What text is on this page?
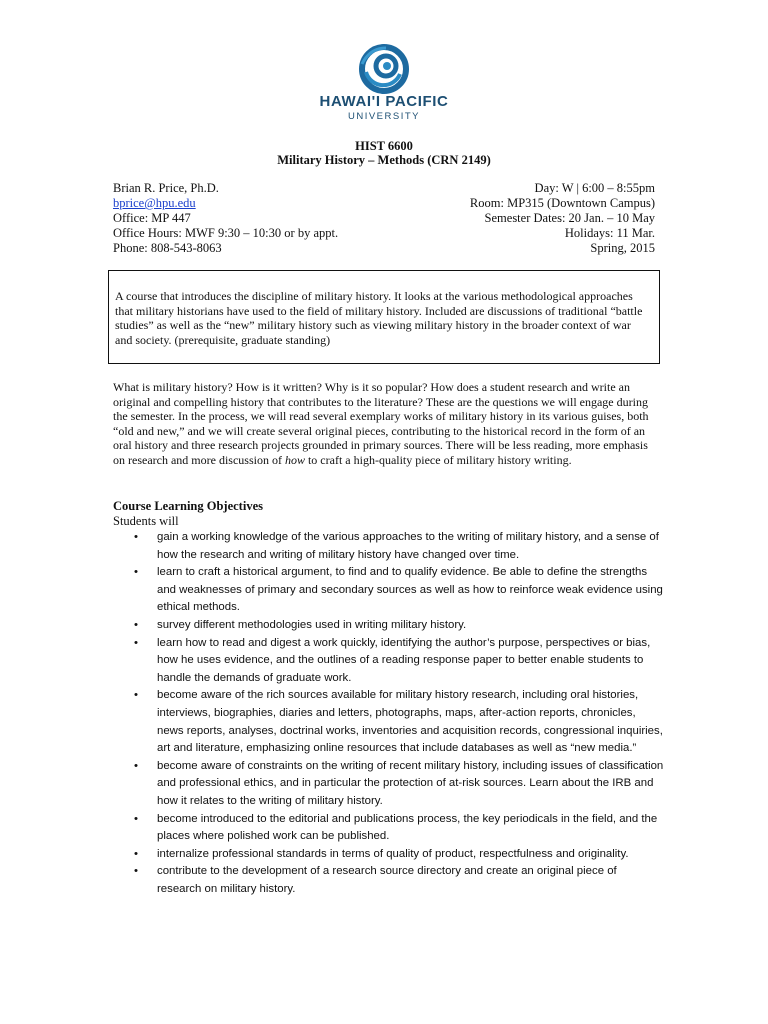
HAWAI'I PACIFIC
UNIVERSITY
HIST 6600
Military History – Methods (CRN 2149)
Brian R. Price, Ph.D.
bprice@hpu.edu
Office: MP 447
Office Hours: MWF 9:30 – 10:30 or by appt.
Phone: 808-543-8063
Day: W | 6:00 – 8:55pm
Room: MP315 (Downtown Campus)
Semester Dates: 20 Jan. – 10 May
Holidays: 11 Mar.
Spring, 2015
A course that introduces the discipline of military history. It looks at the various methodological approaches that military historians have used to the field of military history. Included are discussions of traditional “battle studies” as well as the “new” military history such as viewing military history in the broader context of war and society. (prerequisite, graduate standing)
What is military history? How is it written? Why is it so popular? How does a student research and write an original and compelling history that contributes to the literature? These are the questions we will engage during the semester. In the process, we will read several exemplary works of military history in its various guises, both “old and new,” and we will create several original pieces, contributing to the historical record in the form of an oral history and three research projects grounded in primary sources. There will be less reading, more emphasis on research and more discussion of how to craft a high-quality piece of military history writing.
Course Learning Objectives
Students will
• gain a working knowledge of the various approaches to the writing of military history, and a sense of how the research and writing of military history have changed over time.
• learn to craft a historical argument, to find and to qualify evidence. Be able to define the strengths and weaknesses of primary and secondary sources as well as how to reinforce weak evidence using ethical methods.
• survey different methodologies used in writing military history.
• learn how to read and digest a work quickly, identifying the author’s purpose, perspectives or bias, how he uses evidence, and the outlines of a reading response paper to better enable students to handle the demands of graduate work.
• become aware of the rich sources available for military history research, including oral histories, interviews, biographies, diaries and letters, photographs, maps, after-action reports, chronicles, news reports, analyses, doctrinal works, inventories and acquisition records, congressional inquiries, art and literature, emphasizing online resources that include databases as well as “new media.”
• become aware of constraints on the writing of recent military history, including issues of classification and professional ethics, and in particular the protection of at-risk sources. Learn about the IRB and how it relates to the writing of military history.
• become introduced to the editorial and publications process, the key periodicals in the field, and the places where polished work can be published.
• internalize professional standards in terms of quality of product, respectfulness and originality.
• contribute to the development of a research source directory and create an original piece of research on military history.
